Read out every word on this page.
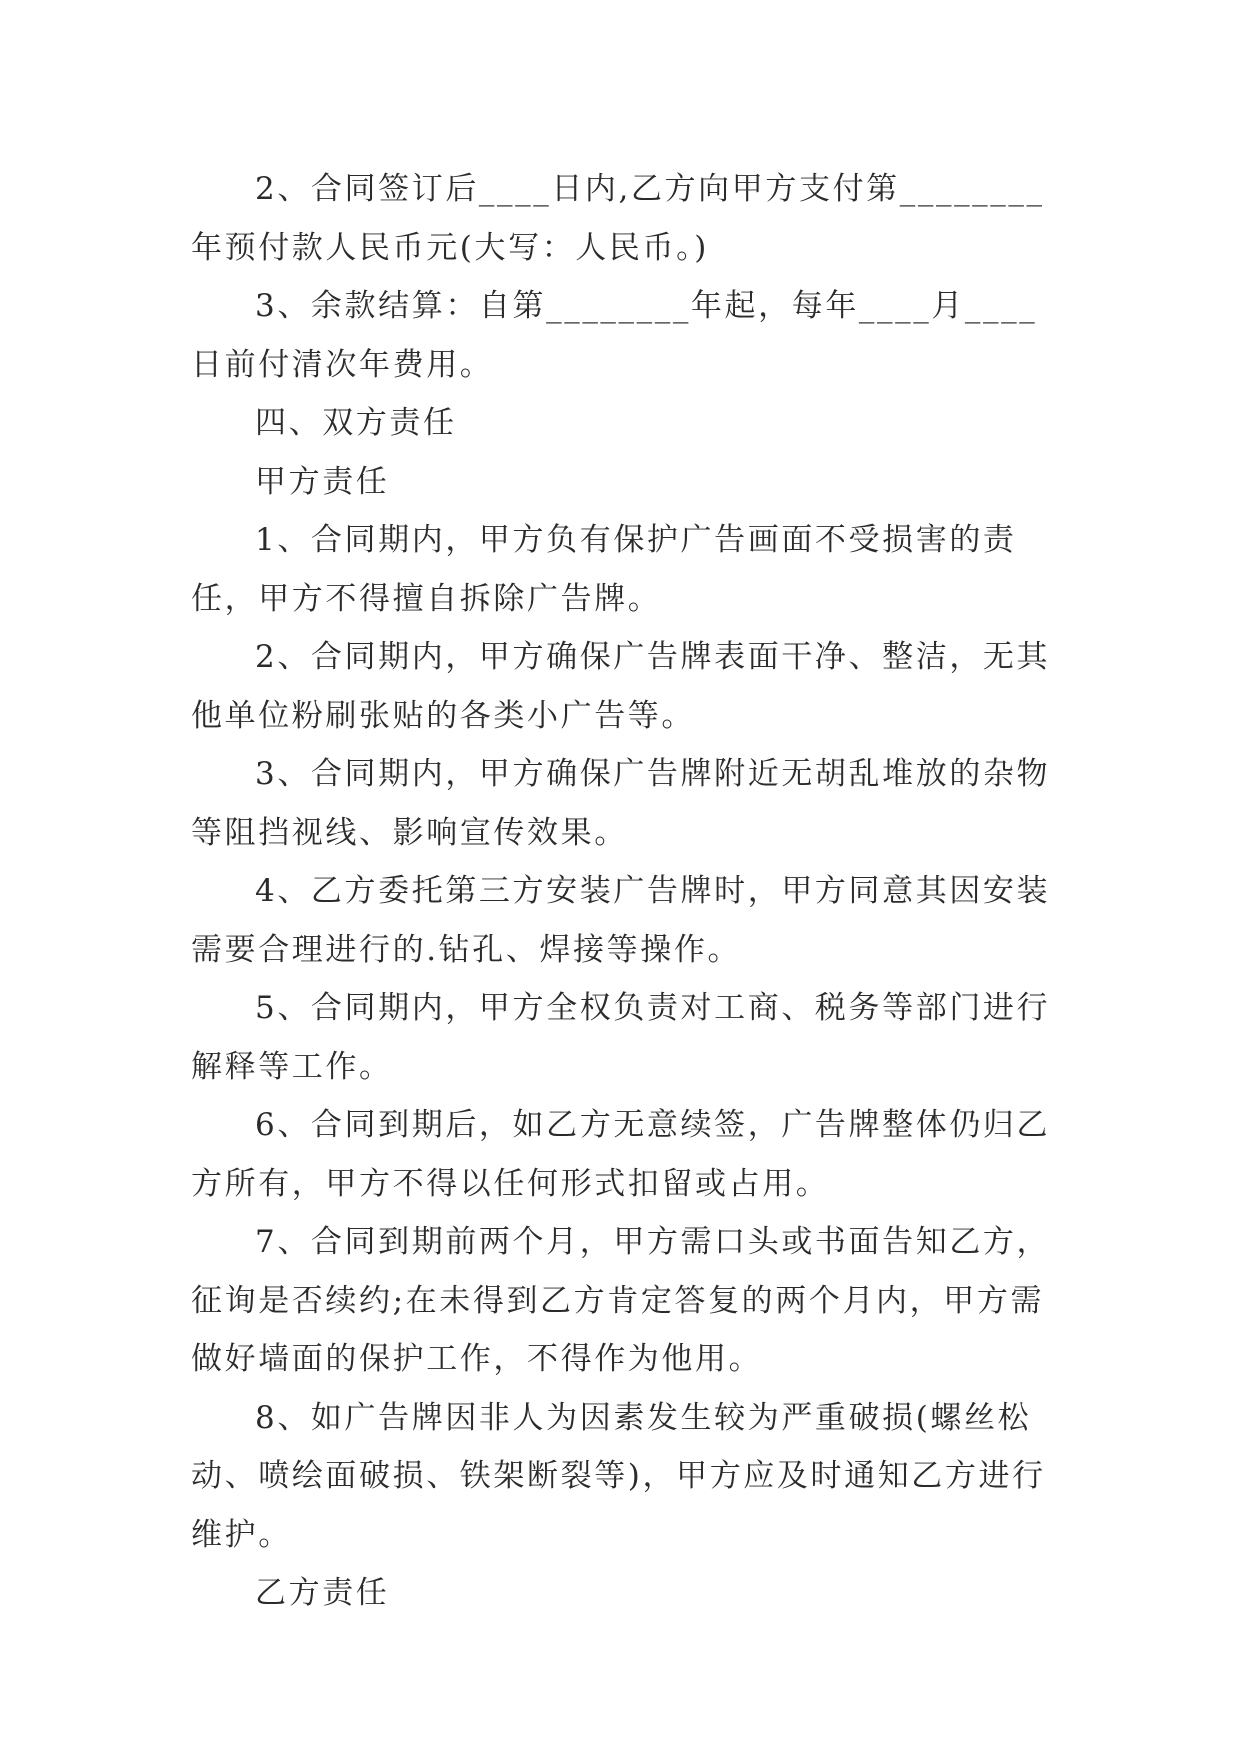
2、合同签订后____日内,乙方向甲方支付第________年预付款人民币元(大写：人民币。)

3、余款结算：自第________年起，每年____月____日前付清次年费用。

四、双方责任

甲方责任

1、合同期内，甲方负有保护广告画面不受损害的责任，甲方不得擅自拆除广告牌。

2、合同期内，甲方确保广告牌表面干净、整洁，无其他单位粉刷张贴的各类小广告等。

3、合同期内，甲方确保广告牌附近无胡乱堆放的杂物等阻挡视线、影响宣传效果。

4、乙方委托第三方安装广告牌时，甲方同意其因安装需要合理进行的.钻孔、焊接等操作。

5、合同期内，甲方全权负责对工商、税务等部门进行解释等工作。

6、合同到期后，如乙方无意续签，广告牌整体仍归乙方所有，甲方不得以任何形式扣留或占用。

7、合同到期前两个月，甲方需口头或书面告知乙方，征询是否续约;在未得到乙方肯定答复的两个月内，甲方需做好墙面的保护工作，不得作为他用。

8、如广告牌因非人为因素发生较为严重破损(螺丝松动、喷绘面破损、铁架断裂等)，甲方应及时通知乙方进行维护。

乙方责任
